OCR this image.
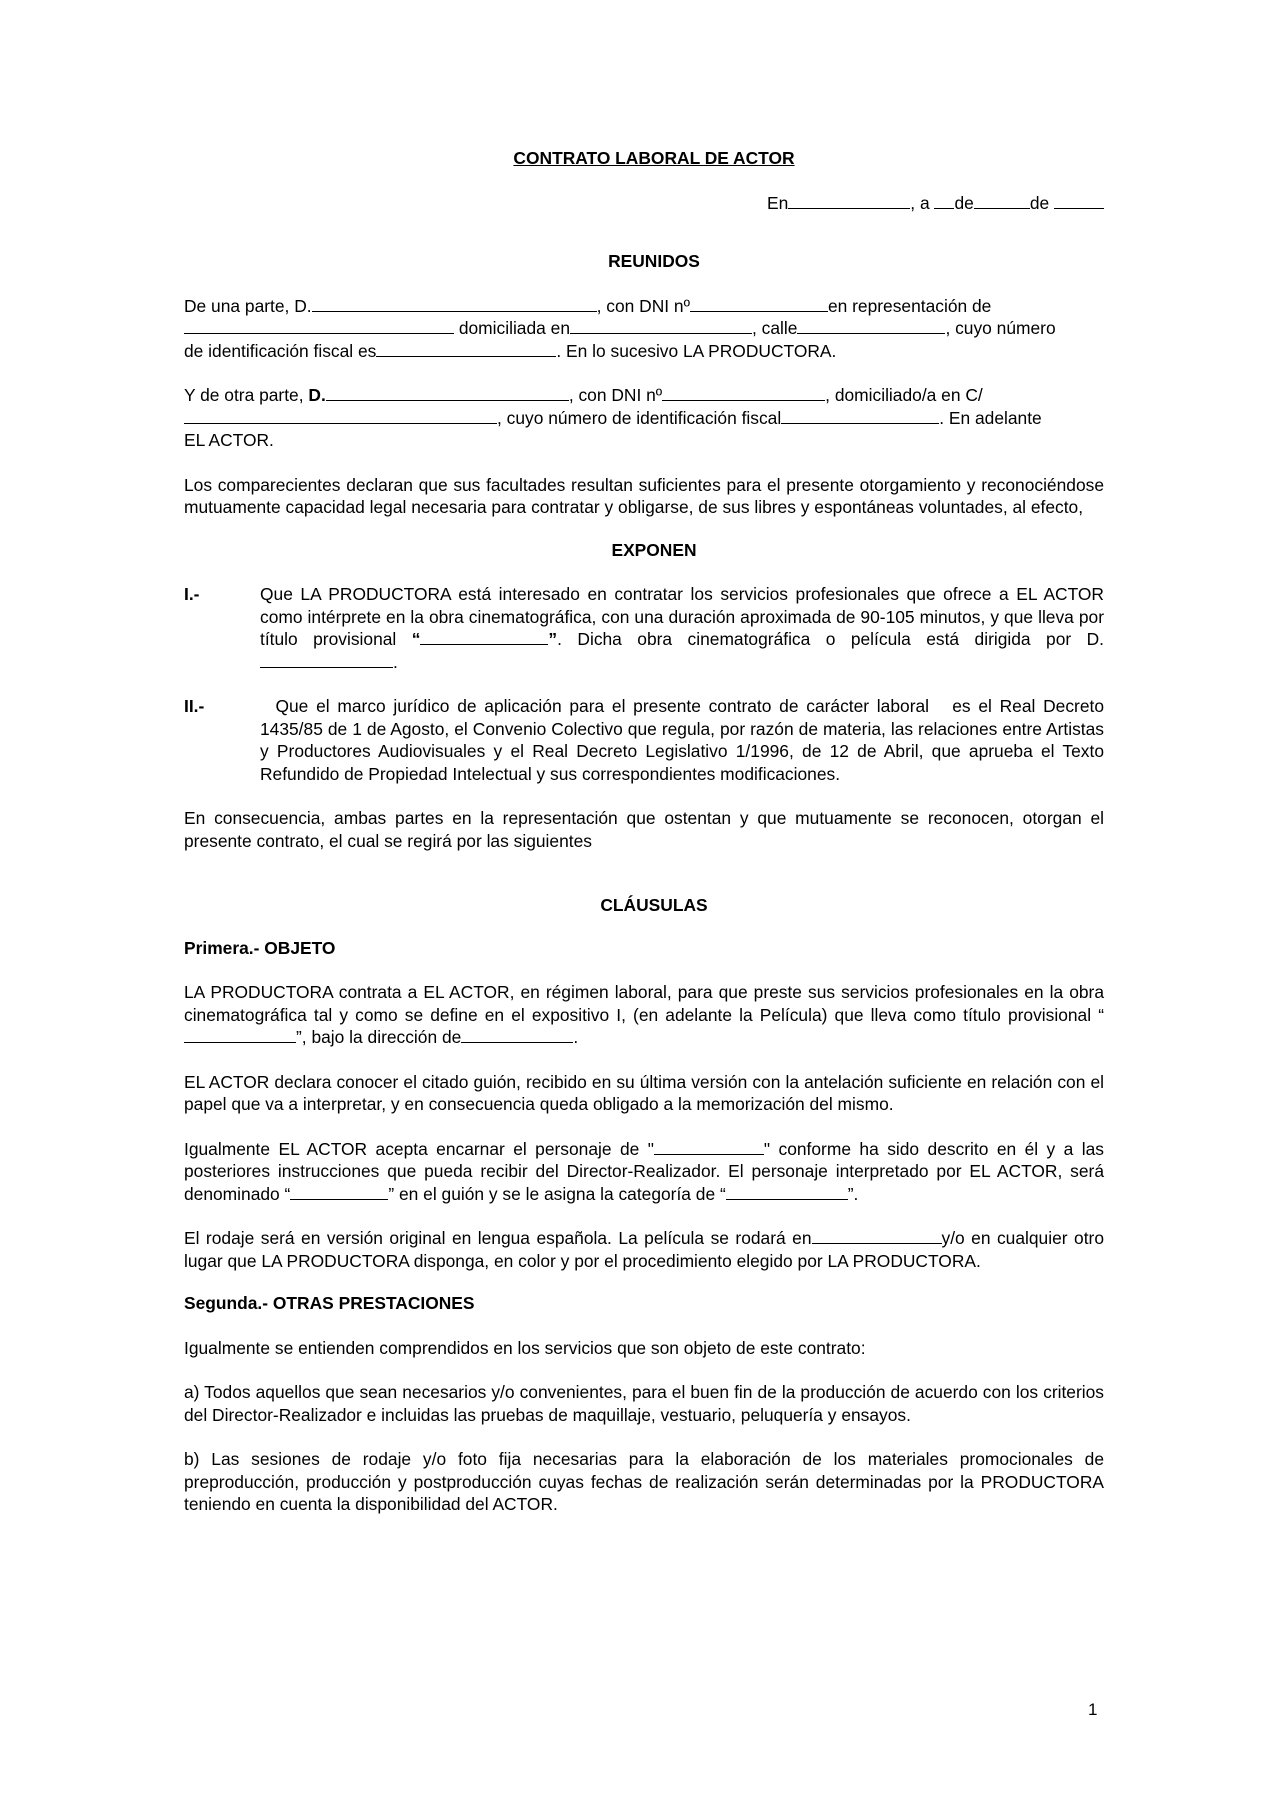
CONTRATO LABORAL DE ACTOR

En	, a de	de

REUNIDOS

De una parte, D.	, con DNI nº	en representación de
domiciliada en	, calle	, cuyo número
de identificación fiscal es	. En lo sucesivo LA PRODUCTORA.

Y de otra parte, D.	, con DNI nº	, domiciliado/a en C/
, cuyo número de identificación fiscal	. En adelante
EL ACTOR.

Los comparecientes declaran que sus facultades resultan suficientes para el presente otorgamiento y reconociéndose mutuamente capacidad legal necesaria para contratar y obligarse, de sus libres y espontáneas voluntades, al efecto,

EXPONEN

I.-	Que LA PRODUCTORA está interesado en contratar los servicios profesionales que ofrece a EL ACTOR como intérprete en la obra cinematográfica, con una duración aproximada de 90-105 minutos, y que lleva por título provisional “	”. Dicha obra cinematográfica o película está dirigida por D..
II.-	Que el marco jurídico de aplicación para el presente contrato de carácter laboral   es el Real Decreto 1435/85 de 1 de Agosto, el Convenio Colectivo que regula, por razón de materia, las relaciones entre Artistas y Productores Audiovisuales y el Real Decreto Legislativo 1/1996, de 12 de Abril, que aprueba el Texto Refundido de Propiedad Intelectual y sus correspondientes modificaciones.

En consecuencia, ambas partes en la representación que ostentan y que mutuamente se reconocen, otorgan el presente contrato, el cual se regirá por las siguientes

CLÁUSULAS

Primera.- OBJETO

LA PRODUCTORA contrata a EL ACTOR, en régimen laboral, para que preste sus servicios profesionales en la obra cinematográfica tal y como se define en el expositivo I, (en adelante la Película) que lleva como título provisional “”, bajo la dirección de	.

EL ACTOR declara conocer el citado guión, recibido en su última versión con la antelación suficiente en relación con el papel que va a interpretar, y en consecuencia queda obligado a la memorización del mismo.

Igualmente EL ACTOR acepta encarnar el personaje de "	" conforme ha sido descrito en él y a las posteriores instrucciones que pueda recibir del Director-Realizador. El personaje interpretado por EL ACTOR, será denominado “	” en el guión y se le asigna la categoría de “	”.

El rodaje será en versión original en lengua española. La película se rodará en	y/o en cualquier otro lugar que LA PRODUCTORA disponga, en color y por el procedimiento elegido por LA PRODUCTORA.

Segunda.- OTRAS PRESTACIONES

Igualmente se entienden comprendidos en los servicios que son objeto de este contrato:

a) Todos aquellos que sean necesarios y/o convenientes, para el buen fin de la producción de acuerdo con los criterios del Director-Realizador e incluidas las pruebas de maquillaje, vestuario, peluquería y ensayos.

b) Las sesiones de rodaje y/o foto fija necesarias para la elaboración de los materiales promocionales de preproducción, producción y postproducción cuyas fechas de realización serán determinadas por la PRODUCTORA teniendo en cuenta la disponibilidad del ACTOR.

1
